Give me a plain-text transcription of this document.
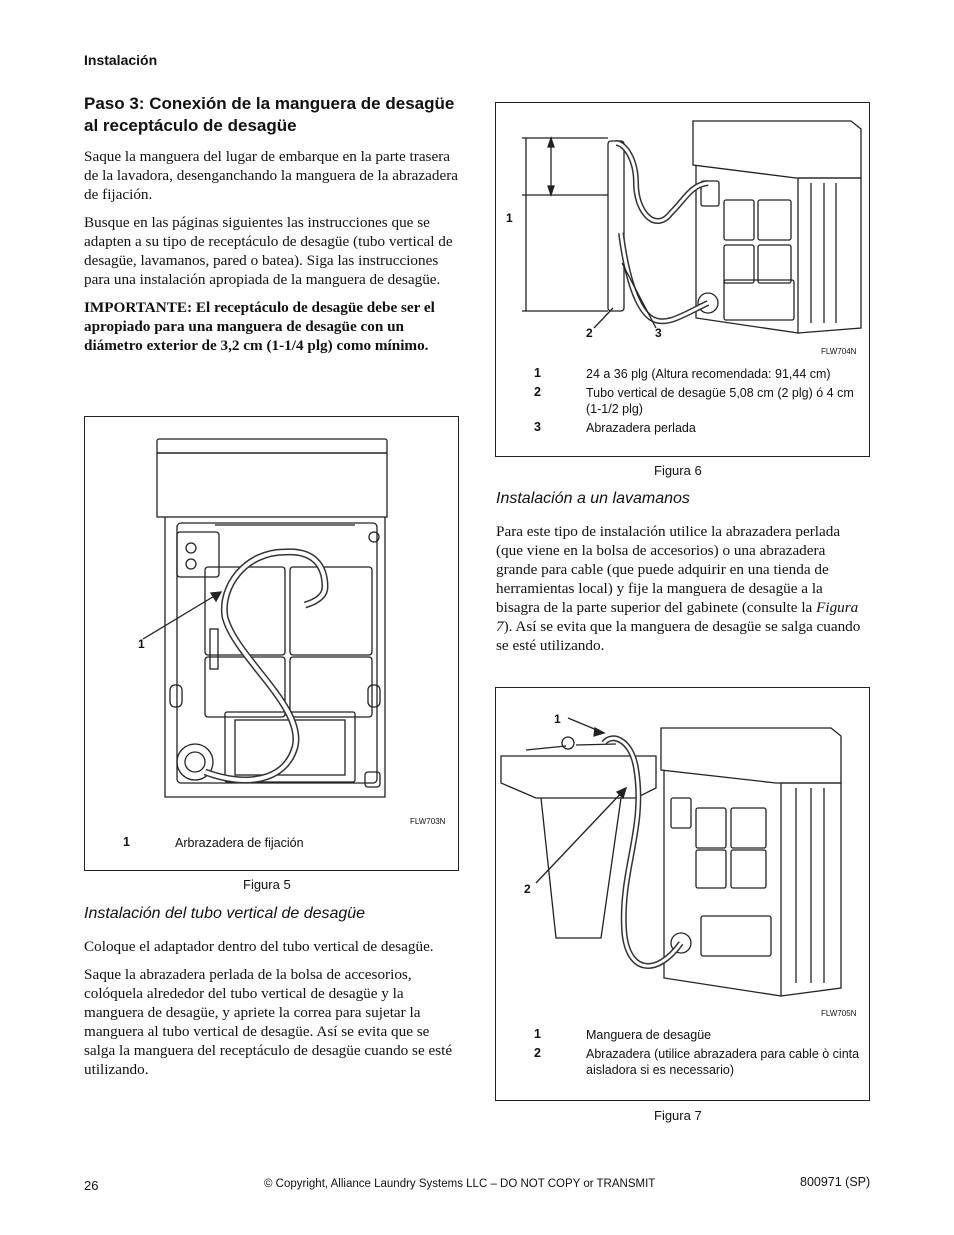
Instalación
Paso 3: Conexión de la manguera de desagüe al receptáculo de desagüe

Saque la manguera del lugar de embarque en la parte trasera de la lavadora, desenganchando la manguera de la abrazadera de fijación.

Busque en las páginas siguientes las instrucciones que se adapten a su tipo de receptáculo de desagüe (tubo vertical de desagüe, lavamanos, pared o batea). Siga las instrucciones para una instalación apropiada de la manguera de desagüe.

IMPORTANTE: El receptáculo de desagüe debe ser el apropiado para una manguera de desagüe con un diámetro exterior de 3,2 cm (1-1/4 plg) como mínimo.

1
FLW703N
1	Arbrazadera de fijación
Figura 5
Instalación del tubo vertical de desagüe

Coloque el adaptador dentro del tubo vertical de desagüe.

Saque la abrazadera perlada de la bolsa de accesorios, colóquela alrededor del tubo vertical de desagüe y la manguera de desagüe, y apriete la correa para sujetar la manguera al tubo vertical de desagüe. Así se evita que se salga la manguera del receptáculo de desagüe cuando se esté utilizando.

1
2	3
FLW704N
1	24 a 36 plg (Altura recomendada: 91,44 cm)
2	Tubo vertical de desagüe 5,08 cm (2 plg) ó 4 cm (1-1/2 plg)
3	Abrazadera perlada
Figura 6
Instalación a un lavamanos

Para este tipo de instalación utilice la abrazadera perlada (que viene en la bolsa de accesorios) o una abrazadera grande para cable (que puede adquirir en una tienda de herramientas local) y fije la manguera de desagüe a la bisagra de la parte superior del gabinete (consulte la Figura 7). Así se evita que la manguera de desagüe se salga cuando se esté utilizando.

1
2
FLW705N
1	Manguera de desagüe
2	Abrazadera (utilice abrazadera para cable ò cinta aisladora si es necessario)
Figura 7
26	© Copyright, Alliance Laundry Systems LLC – DO NOT COPY or TRANSMIT	800971 (SP)
